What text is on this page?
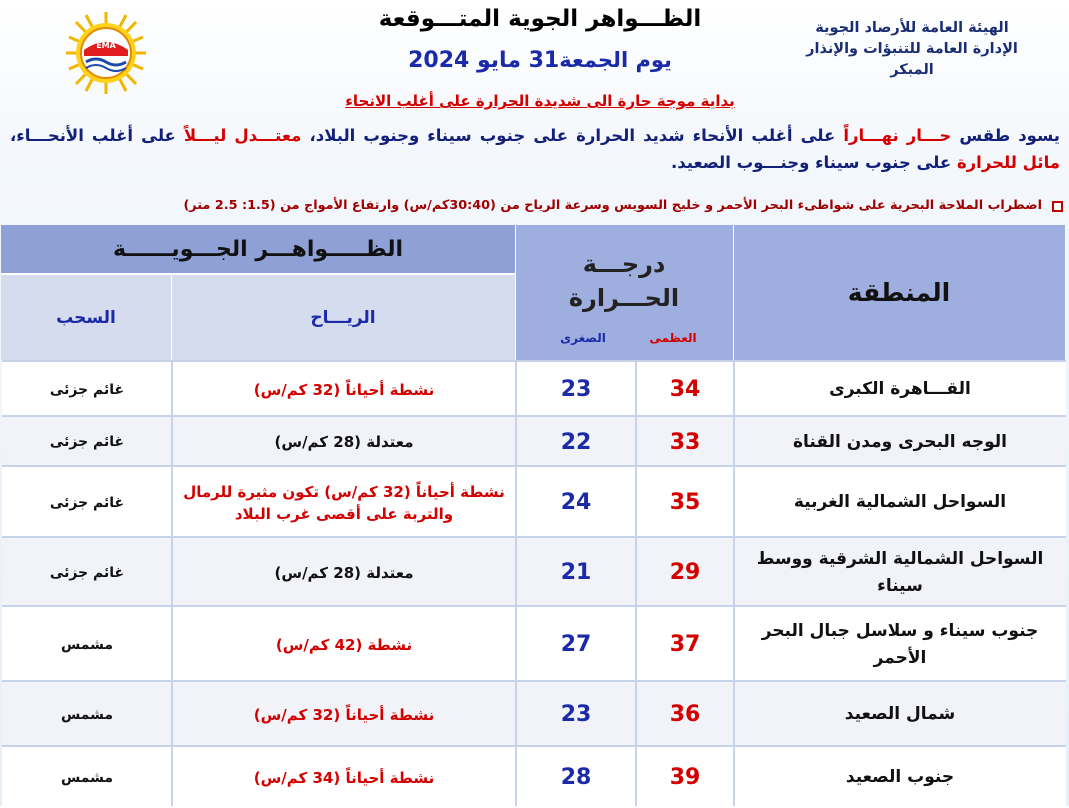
الهيئة العامة للأرصاد الجوية
الإدارة العامة للتنبؤات والإنذار المبكر
الظـــواهر الجوية المتـــوقعة
يوم الجمعة31 مايو 2024
بداية موجة حارة الى شديدة الحرارة على أغلب الانحاء
EMA
يسود طقس حـــار نهـــاراً على أغلب الأنحاء شديد الحرارة على جنوب سيناء وجنوب البلاد، معتـــدل ليـــلاً على أغلب الأنحـــاء، مائل للحرارة على جنوب سيناء وجنـــوب الصعيد.
اضطراب الملاحة البحرية على شواطىء البحر الأحمر و خليج السويس وسرعة الرياح من (30:40كم/س) وارتفاع الأمواج من (1.5: 2.5 متر)
المنطقة
درجـــة
الحـــرارة
العظمى
الصغرى
الظـــــواهـــر الجـــويــــــة
الريـــاح
السحب
القـــاهرة الكبرى
34
23
نشطة أحياناً (32 كم/س)
غائم جزئى
الوجه البحرى ومدن القناة
33
22
معتدلة (28 كم/س)
غائم جزئى
السواحل الشمالية الغربية
35
24
نشطة أحياناً (32 كم/س) تكون مثيرة للرمال والتربة على أقصى غرب البلاد
غائم جزئى
السواحل الشمالية الشرقية ووسط سيناء
29
21
معتدلة (28 كم/س)
غائم جزئى
جنوب سيناء و سلاسل جبال البحر الأحمر
37
27
نشطة (42 كم/س)
مشمس
شمال الصعيد
36
23
نشطة أحياناً (32 كم/س)
مشمس
جنوب الصعيد
39
28
نشطة أحياناً (34 كم/س)
مشمس
